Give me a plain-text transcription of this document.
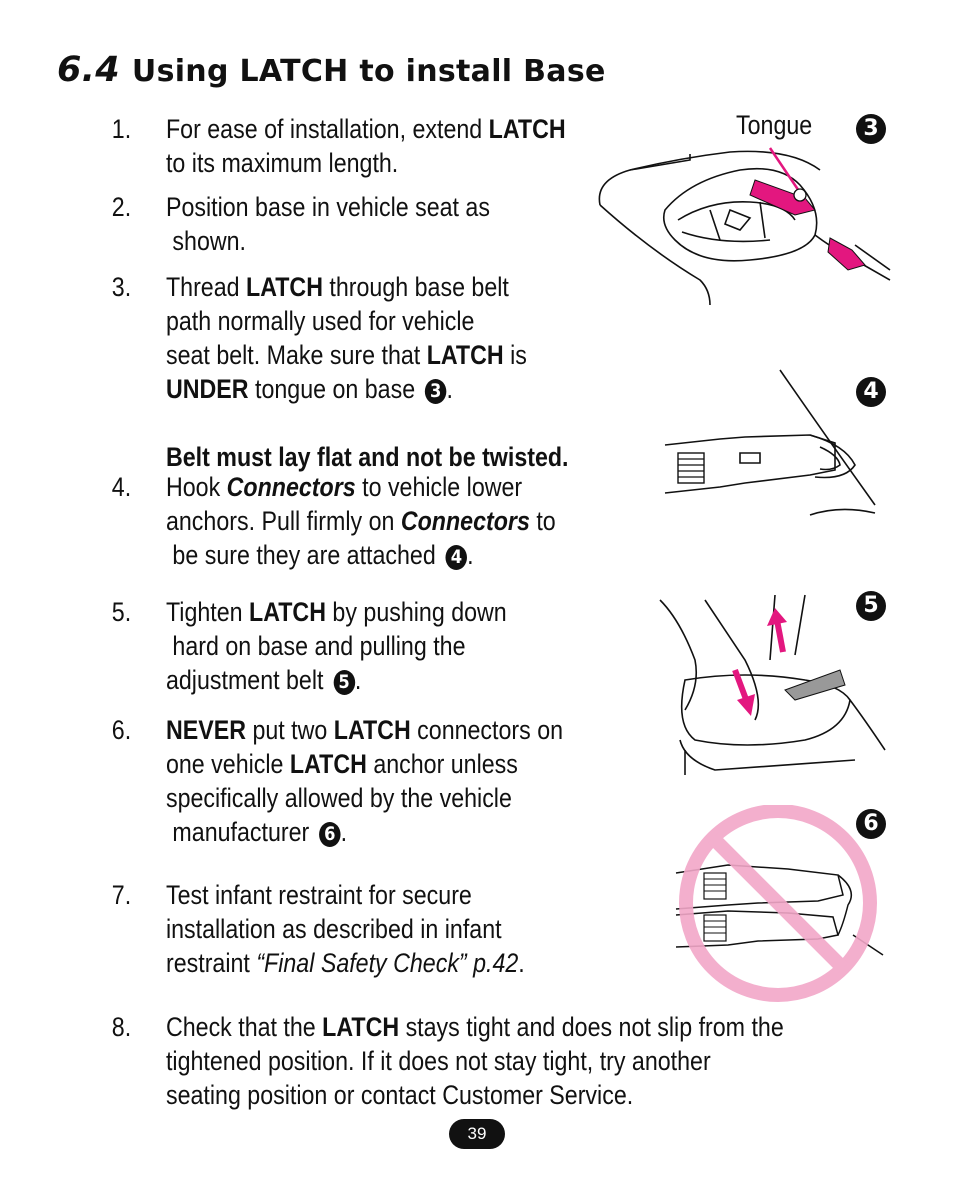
6.4 Using LATCH to install Base
1.	For ease of installation, extend LATCH
to its maximum length.
2.	Position base in vehicle seat as
shown.
3.	Thread LATCH through base belt
path normally used for vehicle
seat belt. Make sure that LATCH is
UNDER tongue on base 3 .

Belt must lay flat and not be twisted.
4.	Hook Connectors to vehicle lower
anchors. Pull firmly on Connectors to
be sure they are attached 4 .
5.	Tighten LATCH by pushing down
hard on base and pulling the
adjustment belt 5 .
6.	NEVER put two LATCH connectors on
one vehicle LATCH anchor unless
specifically allowed by the vehicle
manufacturer 6 .
7.	Test infant restraint for secure
installation as described in infant
restraint “Final Safety Check” p.42.
8.	Check that the LATCH stays tight and does not slip from the
tightened position. If it does not stay tight, try another
seating position or contact Customer Service.
Tongue	3
4
5
6
39
